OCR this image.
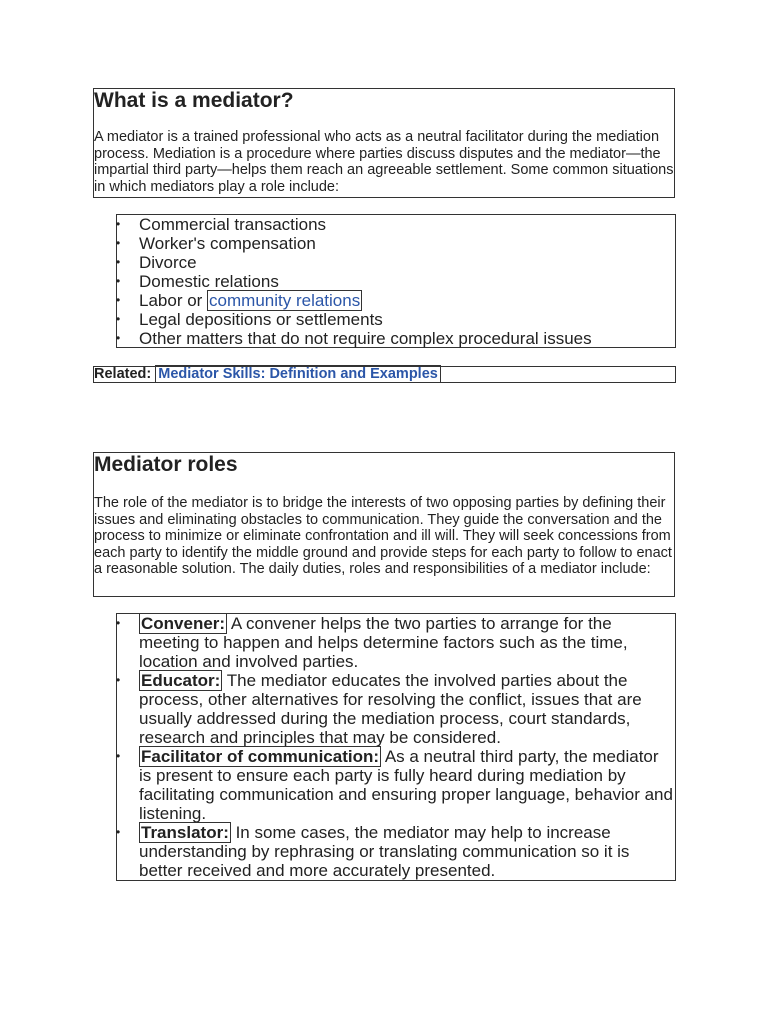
What is a mediator?

A mediator is a trained professional who acts as a neutral facilitator during the mediation process. Mediation is a procedure where parties discuss disputes and the mediator—the impartial third party—helps them reach an agreeable settlement. Some common situations in which mediators play a role include:

• Commercial transactions
• Worker's compensation
• Divorce
• Domestic relations
• Labor or community relations
• Legal depositions or settlements
• Other matters that do not require complex procedural issues
Related: Mediator Skills: Definition and Examples
Mediator roles

The role of the mediator is to bridge the interests of two opposing parties by defining their issues and eliminating obstacles to communication. They guide the conversation and the process to minimize or eliminate confrontation and ill will. They will seek concessions from each party to identify the middle ground and provide steps for each party to follow to enact a reasonable solution. The daily duties, roles and responsibilities of a mediator include:

• Convener: A convener helps the two parties to arrange for the meeting to happen and helps determine factors such as the time, location and involved parties.
• Educator: The mediator educates the involved parties about the process, other alternatives for resolving the conflict, issues that are usually addressed during the mediation process, court standards, research and principles that may be considered.
• Facilitator of communication: As a neutral third party, the mediator is present to ensure each party is fully heard during mediation by facilitating communication and ensuring proper language, behavior and listening.
• Translator: In some cases, the mediator may help to increase understanding by rephrasing or translating communication so it is better received and more accurately presented.
